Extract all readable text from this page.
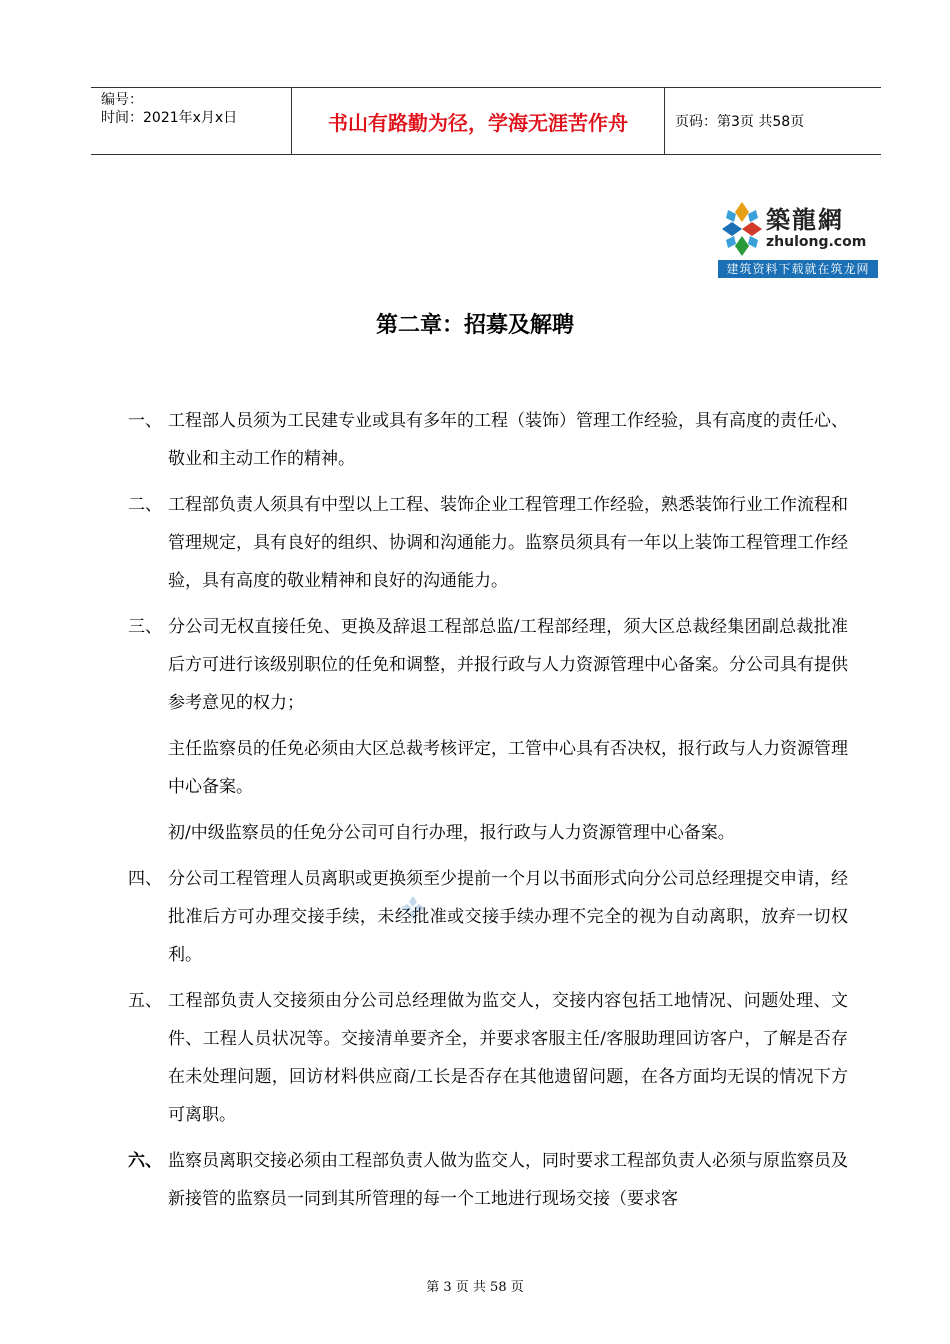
编号：
时间：2021年x月x日	书山有路勤为径，学海无涯苦作舟	页码：第3页 共58页
築龍網
zhulong.com
建筑资料下载就在筑龙网
第二章：招募及解聘
一、 工程部人员须为工民建专业或具有多年的工程（装饰）管理工作经验，具有高度的责任心、敬业和主动工作的精神。
二、 工程部负责人须具有中型以上工程、装饰企业工程管理工作经验，熟悉装饰行业工作流程和管理规定，具有良好的组织、协调和沟通能力。监察员须具有一年以上装饰工程管理工作经验，具有高度的敬业精神和良好的沟通能力。
三、 分公司无权直接任免、更换及辞退工程部总监/工程部经理，须大区总裁经集团副总裁批准后方可进行该级别职位的任免和调整，并报行政与人力资源管理中心备案。分公司具有提供参考意见的权力；
主任监察员的任免必须由大区总裁考核评定，工管中心具有否决权，报行政与人力资源管理中心备案。
初/中级监察员的任免分公司可自行办理，报行政与人力资源管理中心备案。
四、 分公司工程管理人员离职或更换须至少提前一个月以书面形式向分公司总经理提交申请，经批准后方可办理交接手续，未经批准或交接手续办理不完全的视为自动离职，放弃一切权利。
五、 工程部负责人交接须由分公司总经理做为监交人，交接内容包括工地情况、问题处理、文件、工程人员状况等。交接清单要齐全，并要求客服主任/客服助理回访客户，了解是否存在未处理问题，回访材料供应商/工长是否存在其他遗留问题，在各方面均无误的情况下方可离职。
六、 监察员离职交接必须由工程部负责人做为监交人，同时要求工程部负责人必须与原监察员及新接管的监察员一同到其所管理的每一个工地进行现场交接（要求客
第 3 页 共 58 页
